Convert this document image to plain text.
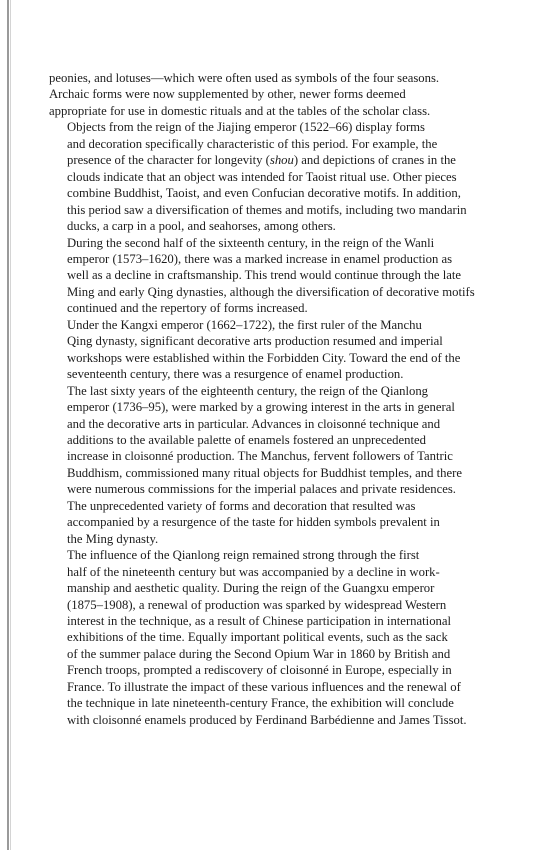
peonies, and lotuses—which were often used as symbols of the four seasons.
Archaic forms were now supplemented by other, newer forms deemed
appropriate for use in domestic rituals and at the tables of the scholar class.

Objects from the reign of the Jiajing emperor (1522–66) display forms
and decoration specifically characteristic of this period. For example, the
presence of the character for longevity (shou) and depictions of cranes in the
clouds indicate that an object was intended for Taoist ritual use. Other pieces
combine Buddhist, Taoist, and even Confucian decorative motifs. In addition,
this period saw a diversification of themes and motifs, including two mandarin
ducks, a carp in a pool, and seahorses, among others.

During the second half of the sixteenth century, in the reign of the Wanli
emperor (1573–1620), there was a marked increase in enamel production as
well as a decline in craftsmanship. This trend would continue through the late
Ming and early Qing dynasties, although the diversification of decorative motifs
continued and the repertory of forms increased.

Under the Kangxi emperor (1662–1722), the first ruler of the Manchu
Qing dynasty, significant decorative arts production resumed and imperial
workshops were established within the Forbidden City. Toward the end of the
seventeenth century, there was a resurgence of enamel production.

The last sixty years of the eighteenth century, the reign of the Qianlong
emperor (1736–95), were marked by a growing interest in the arts in general
and the decorative arts in particular. Advances in cloisonné technique and
additions to the available palette of enamels fostered an unprecedented
increase in cloisonné production. The Manchus, fervent followers of Tantric
Buddhism, commissioned many ritual objects for Buddhist temples, and there
were numerous commissions for the imperial palaces and private residences.
The unprecedented variety of forms and decoration that resulted was
accompanied by a resurgence of the taste for hidden symbols prevalent in
the Ming dynasty.

The influence of the Qianlong reign remained strong through the first
half of the nineteenth century but was accompanied by a decline in work-
manship and aesthetic quality. During the reign of the Guangxu emperor
(1875–1908), a renewal of production was sparked by widespread Western
interest in the technique, as a result of Chinese participation in international
exhibitions of the time. Equally important political events, such as the sack
of the summer palace during the Second Opium War in 1860 by British and
French troops, prompted a rediscovery of cloisonné in Europe, especially in
France. To illustrate the impact of these various influences and the renewal of
the technique in late nineteenth-century France, the exhibition will conclude
with cloisonné enamels produced by Ferdinand Barbédienne and James Tissot.
